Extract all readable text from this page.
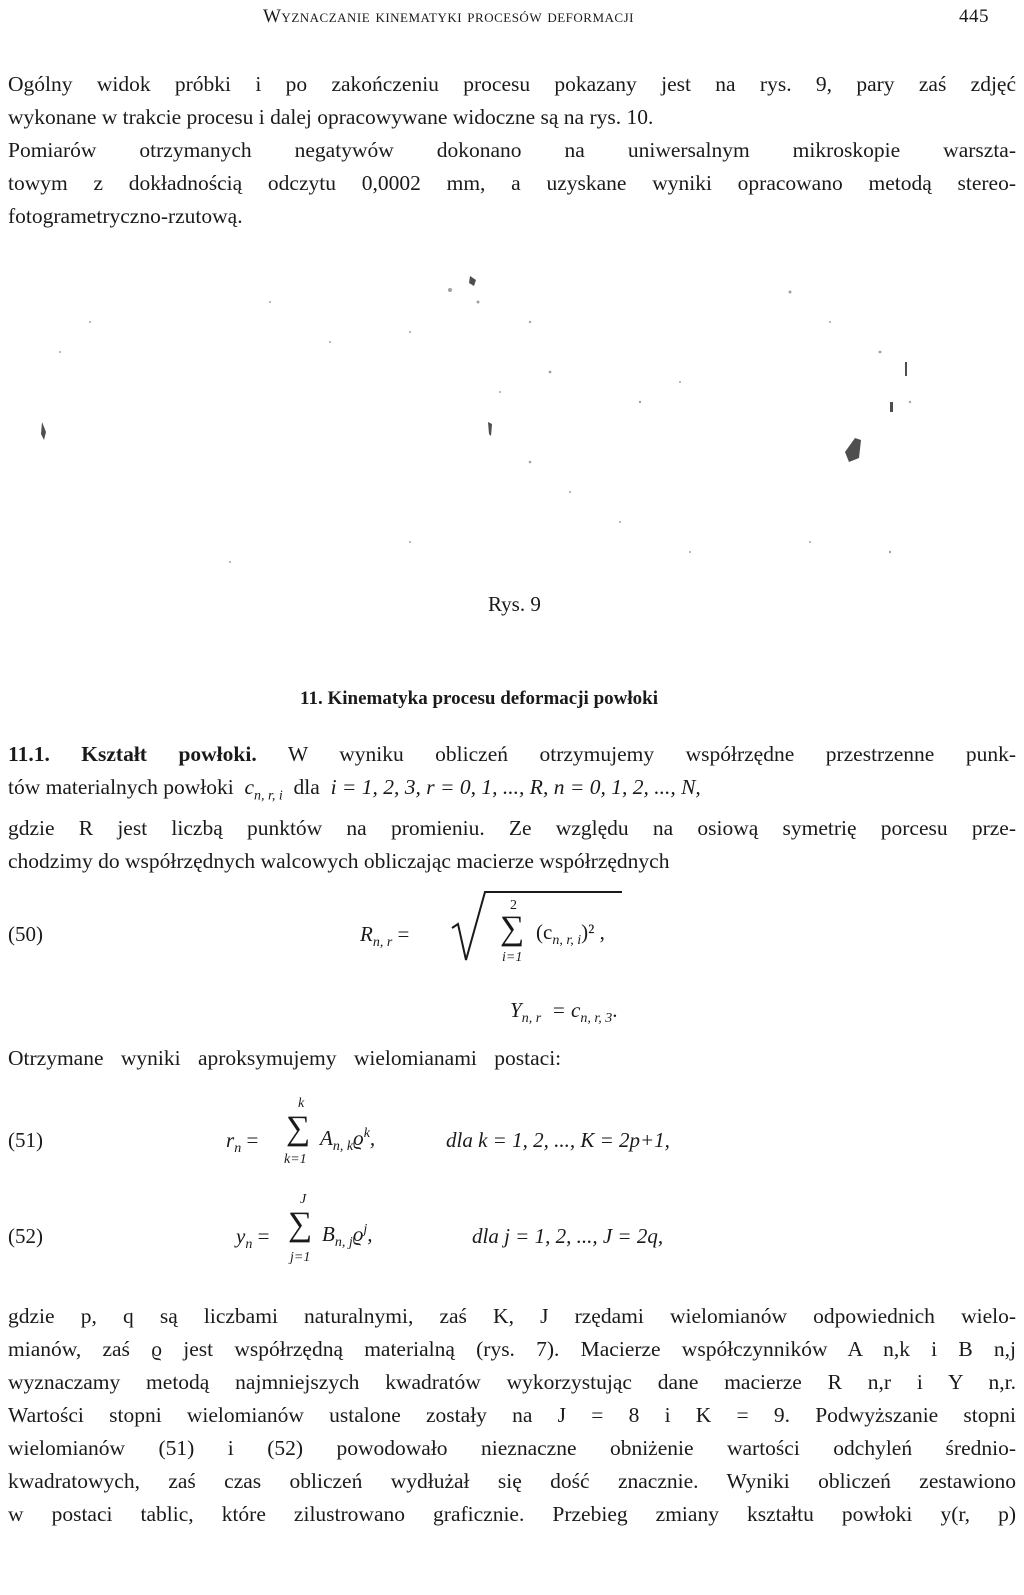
Wyznaczanie kinematyki procesów deformacji	445
Ogólny widok próbki i po zakończeniu procesu pokazany jest na rys. 9, pary zaś zdjęć
wykonane w trakcie procesu i dalej opracowywane widoczne są na rys. 10.
Pomiarów otrzymanych negatywów dokonano na uniwersalnym mikroskopie warszta-
towym z dokładnością odczytu 0,0002 mm, a uzyskane wyniki opracowano metodą stereo-
fotogrametryczno-rzutową.
Rys. 9
11. Kinematyka procesu deformacji powłoki
11.1. Kształt powłoki. W wyniku obliczeń otrzymujemy współrzędne przestrzenne punk-
tów materialnych powłoki $c_{n, r, i}$ dla i = 1, 2, 3, r = 0, 1, ..., R, n = 0, 1, 2, ..., N,
gdzie R jest liczbą punktów na promieniu. Ze względu na osiową symetrię porcesu prze-
chodzimy do współrzędnych walcowych obliczając macierze współrzędnych
(50)	$R_{n, r}$ =
2
∑
i=1
$(c_{n, r, i})^2$ ,
$Y_{n, r} = c_{n, r, 3}$.
Otrzymane wyniki aproksymujemy wielomianami postaci:
(51)	$r_n$ =
k
∑
k=1
$A_{n, k}ϱ^k$,	dla k = 1, 2, ..., K = 2p+1,
(52)	$y_n$ =
J
∑
j=1
$B_{n, j}ϱ^j$,	dla j = 1, 2, ..., J = 2q,
gdzie p, q są liczbami naturalnymi, zaś K, J rzędami wielomianów odpowiednich wielo-
mianów, zaś ϱ jest współrzędną materialną (rys. 7). Macierze współczynników A n,k i B n,j
wyznaczamy metodą najmniejszych kwadratów wykorzystując dane macierze R n,r i Y n,r.
Wartości stopni wielomianów ustalone zostały na J = 8 i K = 9. Podwyższanie stopni
wielomianów (51) i (52) powodowało nieznaczne obniżenie wartości odchyleń średnio-
kwadratowych, zaś czas obliczeń wydłużał się dość znacznie. Wyniki obliczeń zestawiono
w postaci tablic, które zilustrowano graficznie. Przebieg zmiany kształtu powłoki y(r, p)
